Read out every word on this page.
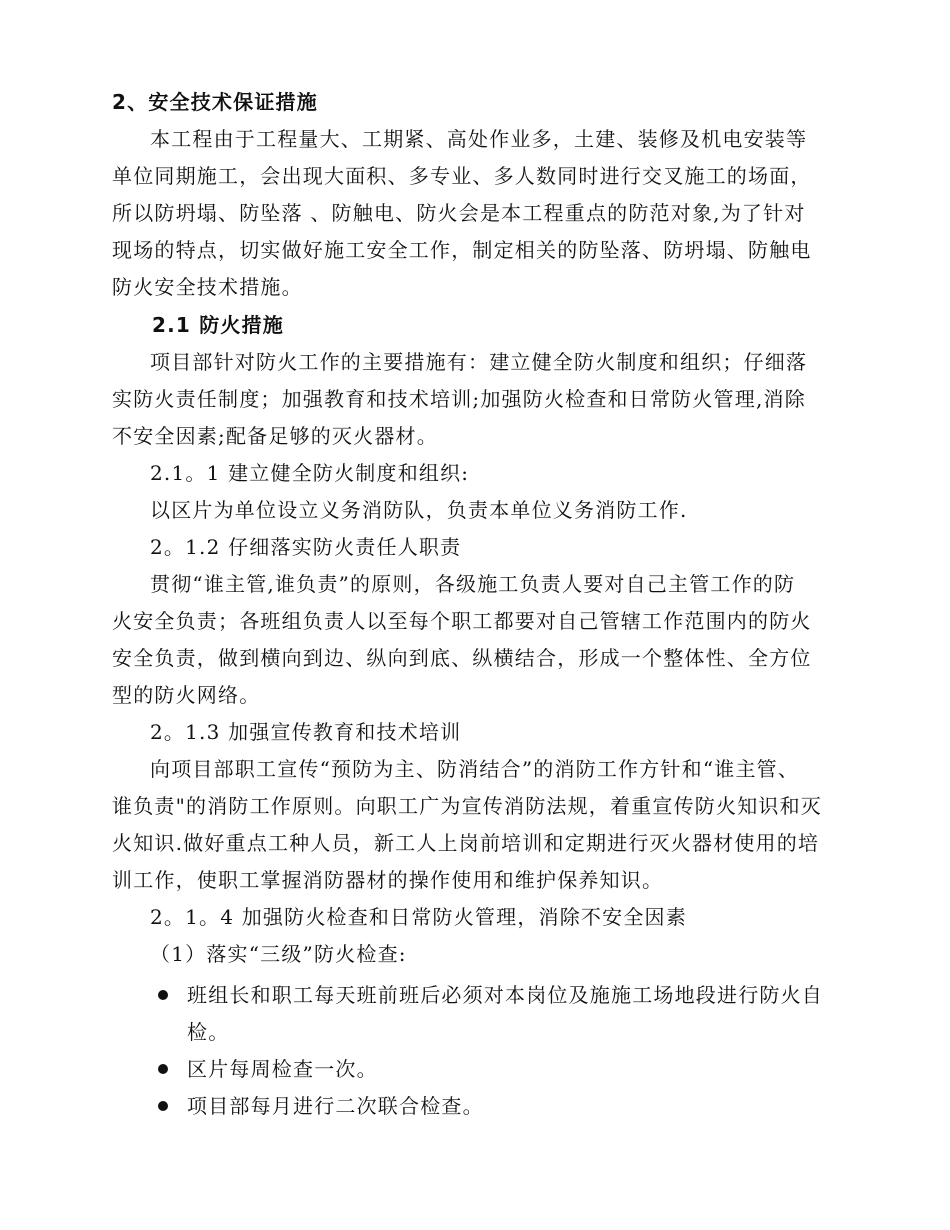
2、安全技术保证措施
本工程由于工程量大、工期紧、高处作业多，土建、装修及机电安装等
单位同期施工，会出现大面积、多专业、多人数同时进行交叉施工的场面，
所以防坍塌、防坠落 、防触电、防火会是本工程重点的防范对象,为了针对
现场的特点，切实做好施工安全工作，制定相关的防坠落、防坍塌、防触电
防火安全技术措施。
2.1 防火措施
项目部针对防火工作的主要措施有：建立健全防火制度和组织；仔细落
实防火责任制度；加强教育和技术培训;加强防火检查和日常防火管理,消除
不安全因素;配备足够的灭火器材。
2.1。1 建立健全防火制度和组织:
以区片为单位设立义务消防队，负责本单位义务消防工作.
2。1.2 仔细落实防火责任人职责
贯彻“谁主管,谁负责”的原则，各级施工负责人要对自己主管工作的防
火安全负责；各班组负责人以至每个职工都要对自己管辖工作范围内的防火
安全负责，做到横向到边、纵向到底、纵横结合，形成一个整体性、全方位
型的防火网络。
2。1.3 加强宣传教育和技术培训
向项目部职工宣传“预防为主、防消结合”的消防工作方针和“谁主管、
谁负责"的消防工作原则。向职工广为宣传消防法规，着重宣传防火知识和灭
火知识.做好重点工种人员，新工人上岗前培训和定期进行灭火器材使用的培
训工作，使职工掌握消防器材的操作使用和维护保养知识。
2。1。4 加强防火检查和日常防火管理，消除不安全因素
（1）落实“三级”防火检查:
班组长和职工每天班前班后必须对本岗位及施施工场地段进行防火自
检。
区片每周检查一次。
项目部每月进行二次联合检查。
